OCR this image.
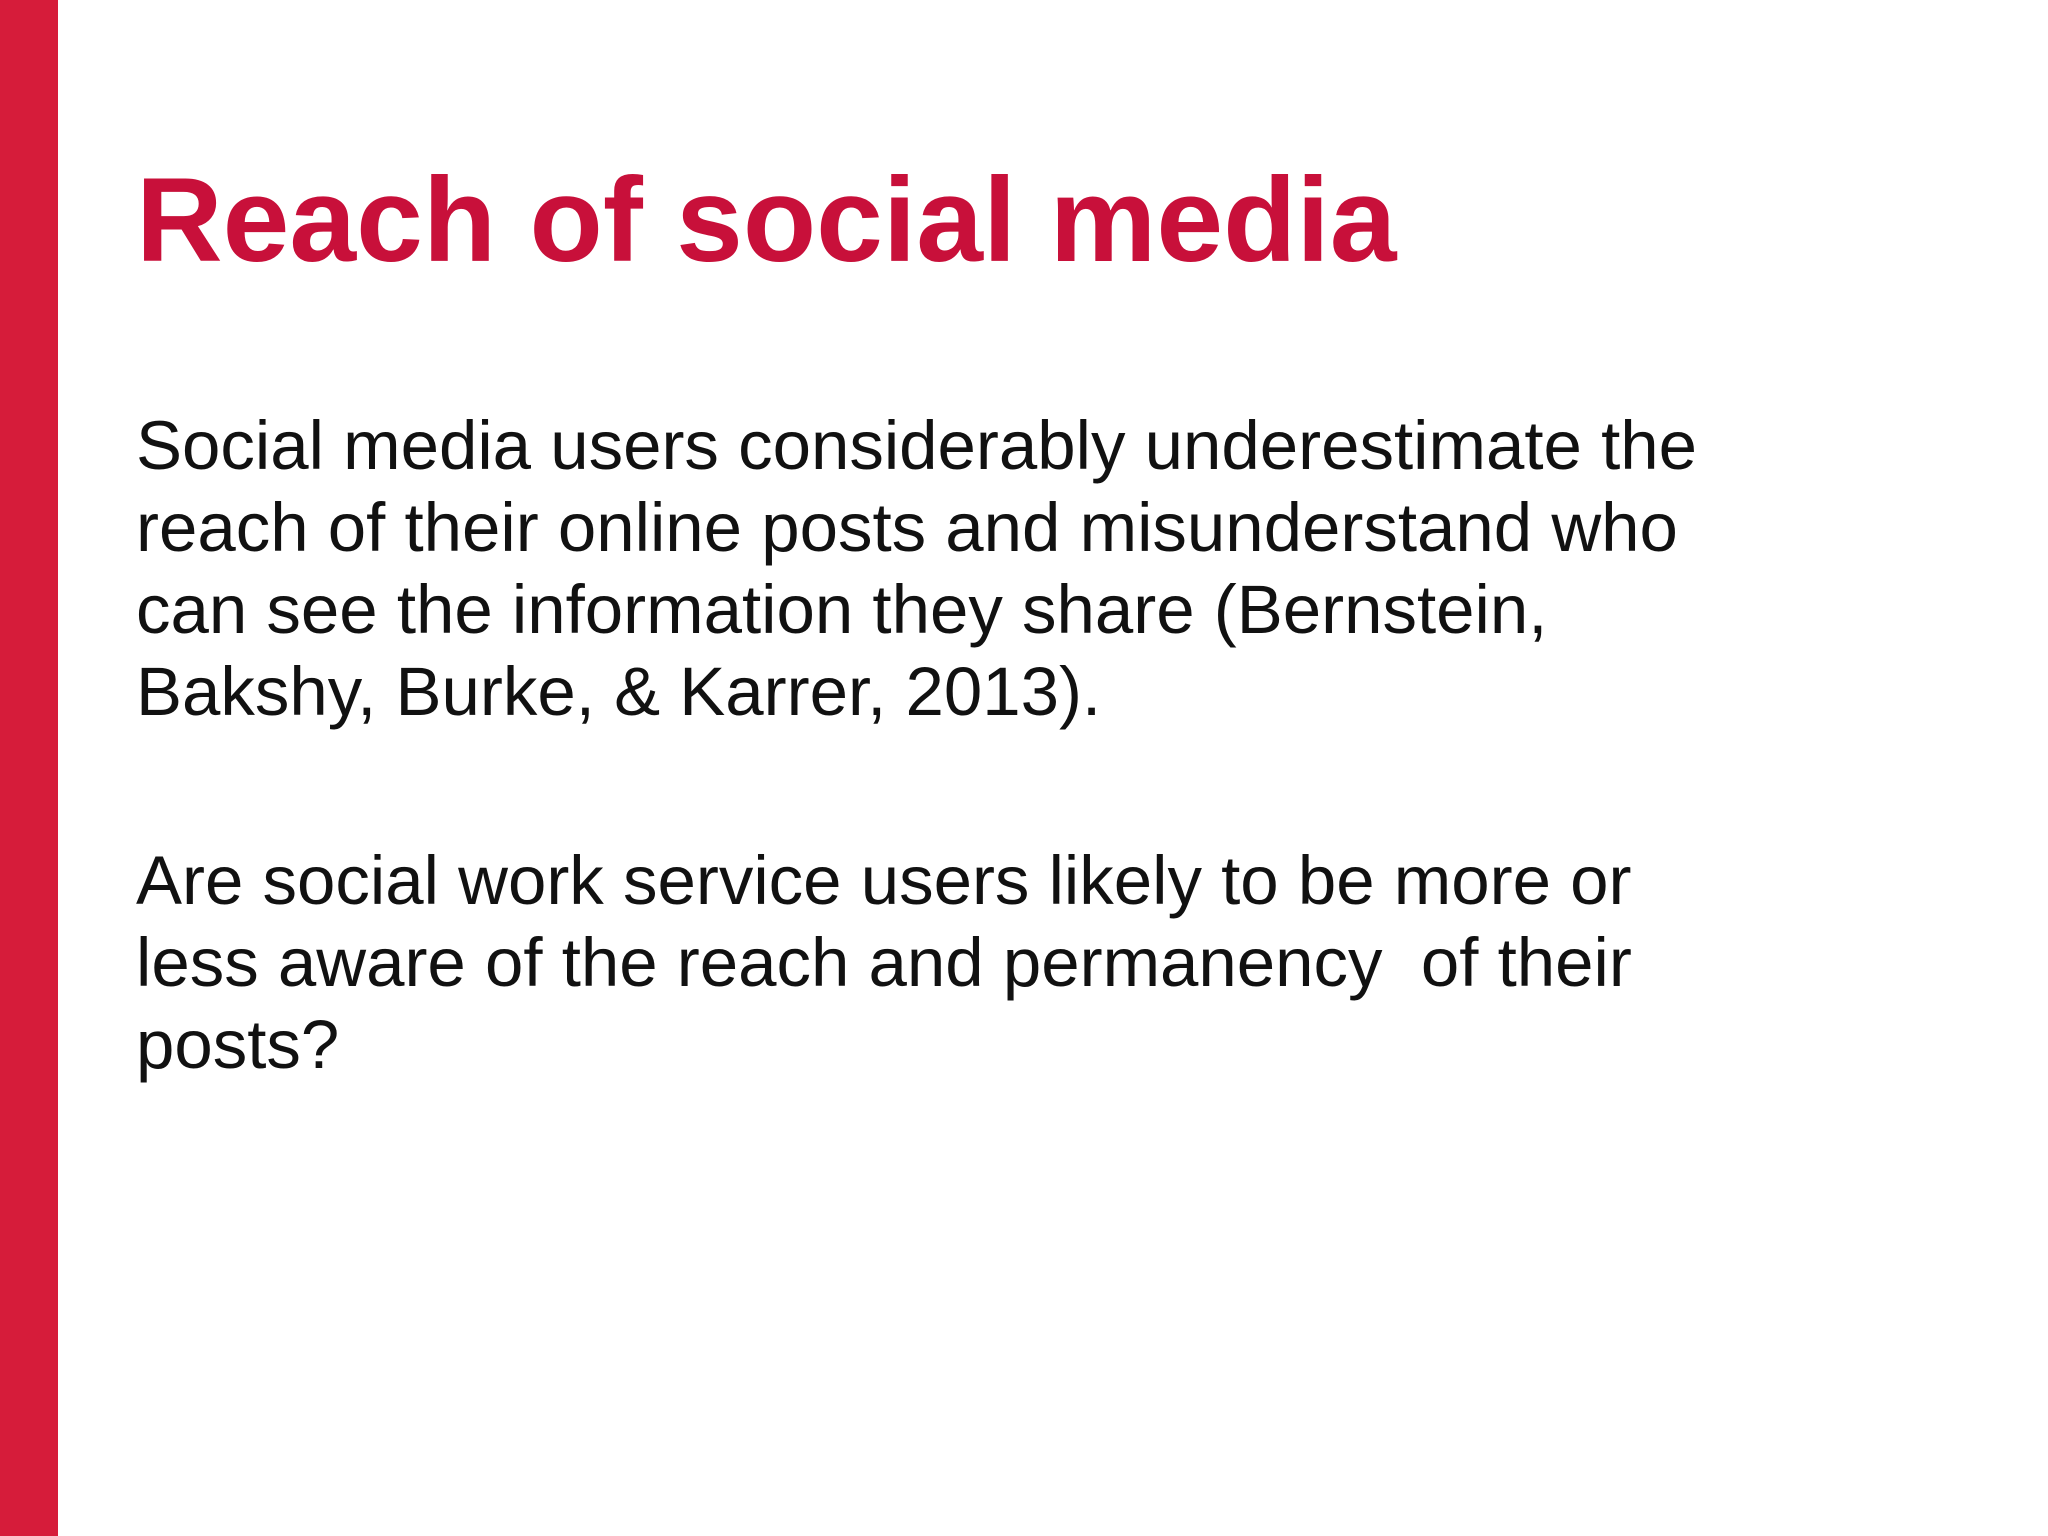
Reach of social media

Social media users considerably underestimate the
reach of their online posts and misunderstand who
can see the information they share (Bernstein,
Bakshy, Burke, & Karrer, 2013).

Are social work service users likely to be more or
less aware of the reach and permanency  of their
posts?
